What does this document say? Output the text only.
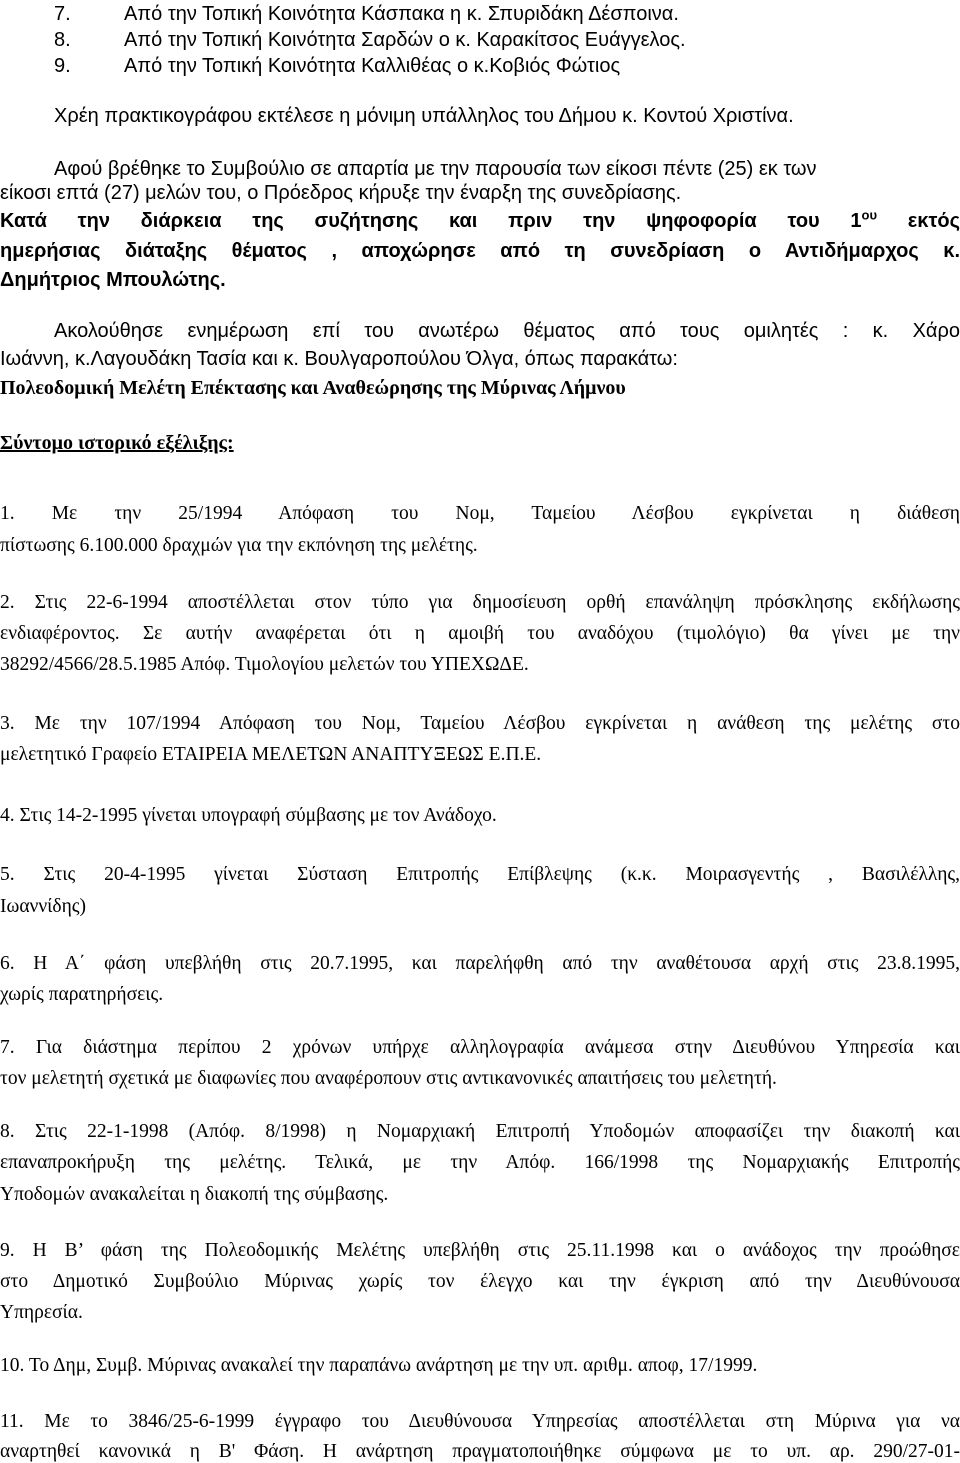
7.	Από την Τοπική Κοινότητα Κάσπακα η κ. Σπυριδάκη Δέσποινα.
8.	Από την Τοπική Κοινότητα Σαρδών ο κ. Καρακίτσος Ευάγγελος.
9.	Από την Τοπική Κοινότητα Καλλιθέας ο κ.Κοβιός Φώτιος
Χρέη πρακτικογράφου εκτέλεσε η μόνιμη υπάλληλος του Δήμου κ. Κοντού Χριστίνα.
Αφού βρέθηκε το Συμβούλιο σε απαρτία με την παρουσία των είκοσι πέντε (25) εκ των
είκοσι επτά (27) μελών του, ο Πρόεδρος κήρυξε την έναρξη της συνεδρίασης.
Κατά την διάρκεια της συζήτησης και πριν την ψηφοφορία του $1^{o\upsilon}$ εκτός
ημερήσιας διάταξης θέματος , αποχώρησε από τη συνεδρίαση ο Αντιδήμαρχος κ.
Δημήτριος Μπουλώτης.
Ακολούθησε ενημέρωση επί του ανωτέρω θέματος από τους ομιλητές : κ. Χάρο
Ιωάννη, κ.Λαγουδάκη Τασία και κ. Βουλγαροπούλου Όλγα, όπως παρακάτω:
Πολεοδομική Μελέτη Επέκτασης και Αναθεώρησης της Μύρινας Λήμνου
Σύντομο ιστορικό εξέλιξης:
1. Με την 25/1994 Απόφαση του Νομ, Ταμείου Λέσβου εγκρίνεται η διάθεση
πίστωσης 6.100.000 δραχμών για την εκπόνηση της μελέτης.
2. Στις 22-6-1994 αποστέλλεται στον τύπο για δημοσίευση ορθή επανάληψη πρόσκλησης εκδήλωσης
ενδιαφέροντος. Σε αυτήν αναφέρεται ότι η αμοιβή του αναδόχου (τιμολόγιο) θα γίνει με την
38292/4566/28.5.1985 Απόφ. Τιμολογίου μελετών του ΥΠΕΧΩΔΕ.
3. Με την 107/1994 Απόφαση του Νομ, Ταμείου Λέσβου εγκρίνεται η ανάθεση της μελέτης στο
μελετητικό Γραφείο ΕΤΑΙΡΕΙΑ ΜΕΛΕΤΩΝ ΑΝΑΠΤΥΞΕΩΣ Ε.Π.Ε.
4. Στις 14-2-1995 γίνεται υπογραφή σύμβασης με τον Ανάδοχο.
5. Στις 20-4-1995 γίνεται Σύσταση Επιτροπής Επίβλεψης (κ.κ. Μοιρασγεντής , Βασιλέλλης,
Ιωαννίδης)
6. Η Α΄ φάση υπεβλήθη στις 20.7.1995, και παρελήφθη από την αναθέτουσα αρχή στις 23.8.1995,
χωρίς παρατηρήσεις.
7. Για διάστημα περίπου 2 χρόνων υπήρχε αλληλογραφία ανάμεσα στην Διευθύνου Υπηρεσία και
τον μελετητή σχετικά με διαφωνίες που αναφέροπουν στις αντικανονικές απαιτήσεις του μελετητή.
8. Στις 22-1-1998 (Απόφ. 8/1998) η Νομαρχιακή Επιτροπή Υποδομών αποφασίζει την διακοπή και
επαναπροκήρυξη της μελέτης. Τελικά, με την Απόφ. 166/1998 της Νομαρχιακής Επιτροπής
Υποδομών ανακαλείται η διακοπή της σύμβασης.
9. Η Β’ φάση της Πολεοδομικής Μελέτης υπεβλήθη στις 25.11.1998 και ο ανάδοχος την προώθησε
στο Δημοτικό Συμβούλιο Μύρινας χωρίς τον έλεγχο και την έγκριση από την Διευθύνουσα
Υπηρεσία.
10. Το Δημ, Συμβ. Μύρινας ανακαλεί την παραπάνω ανάρτηση με την υπ. αριθμ. αποφ, 17/1999.
11. Με το 3846/25-6-1999 έγγραφο του Διευθύνουσα Υπηρεσίας αποστέλλεται στη Μύρινα για να
αναρτηθεί κανονικά η Β' Φάση. Η ανάρτηση πραγματοποιήθηκε σύμφωνα με το υπ. αρ. 290/27-01-
